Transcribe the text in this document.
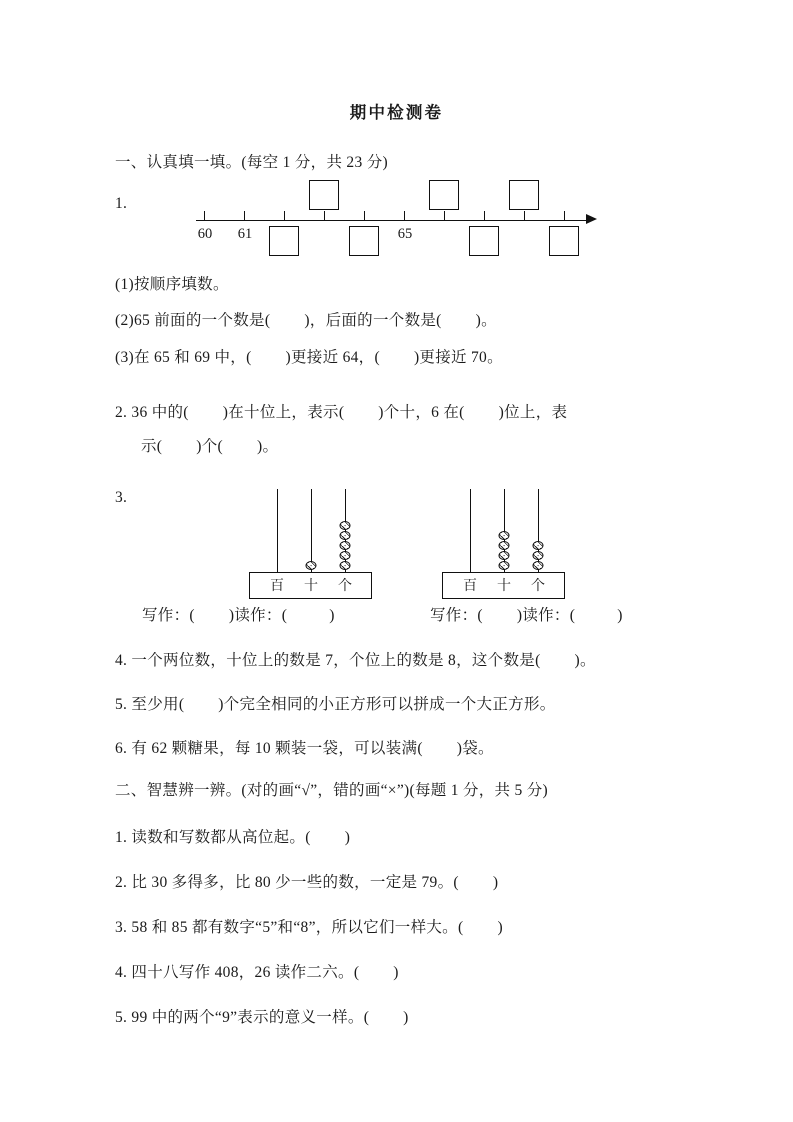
期中检测卷
一、认真填一填。(每空 1 分，共 23 分)
1.
60 61	65
(1)按顺序填数。
(2)65 前面的一个数是( )，后面的一个数是( )。
(3)在 65 和 69 中，( )更接近 64，( )更接近 70。
2. 36 中的( )在十位上，表示( )个十，6 在( )位上，表
示( )个( )。
3.
百 十 个	百 十 个
写作：( )读作：(	)	写作：( )读作：(	)
4. 一个两位数，十位上的数是 7，个位上的数是 8，这个数是( )。
5. 至少用( )个完全相同的小正方形可以拼成一个大正方形。
6. 有 62 颗糖果，每 10 颗装一袋，可以装满( )袋。
二、智慧辨一辨。(对的画“√”，错的画“×”)(每题 1 分，共 5 分)
1. 读数和写数都从高位起。( )
2. 比 30 多得多，比 80 少一些的数，一定是 79。( )
3. 58 和 85 都有数字“5”和“8”，所以它们一样大。( )
4. 四十八写作 408，26 读作二六。( )
5. 99 中的两个“9”表示的意义一样。( )
